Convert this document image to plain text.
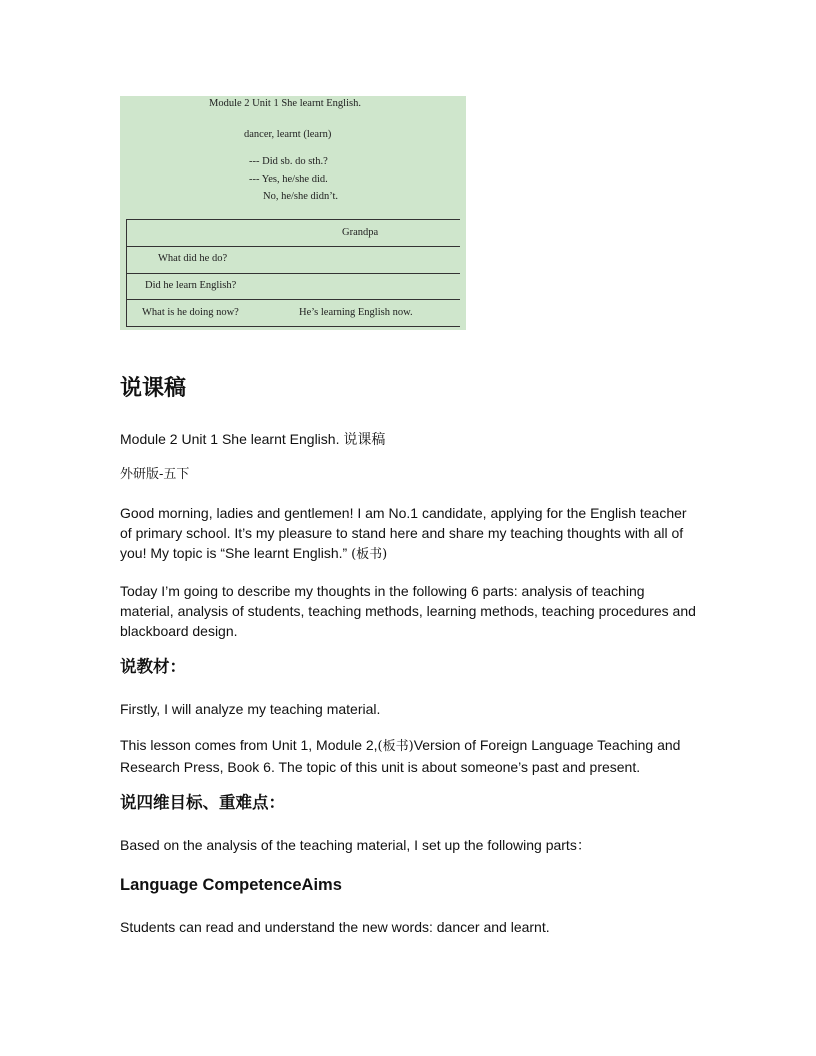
Module 2 Unit 1 She learnt English.
dancer, learnt (learn)
--- Did sb. do sth.?
--- Yes, he/she did.
No, he/she didn’t.
Grandpa
What did he do?
Did he learn English?
What is he doing now?	He’s learning English now.
说课稿

Module 2 Unit 1 She learnt English. 说课稿

外研版-五下

Good morning, ladies and gentlemen! I am No.1 candidate, applying for the English teacher of primary school. It’s my pleasure to stand here and share my teaching thoughts with all of you! My topic is “She learnt English.” (板书)

Today I’m going to describe my thoughts in the following 6 parts: analysis of teaching material, analysis of students, teaching methods, learning methods, teaching procedures and blackboard design.

说教材：

Firstly, I will analyze my teaching material.

This lesson comes from Unit 1, Module 2,(板书)Version of Foreign Language Teaching and Research Press, Book 6. The topic of this unit is about someone’s past and present.

说四维目标、重难点：

Based on the analysis of the teaching material, I set up the following parts：

Language CompetenceAims

Students can read and understand the new words: dancer and learnt.
